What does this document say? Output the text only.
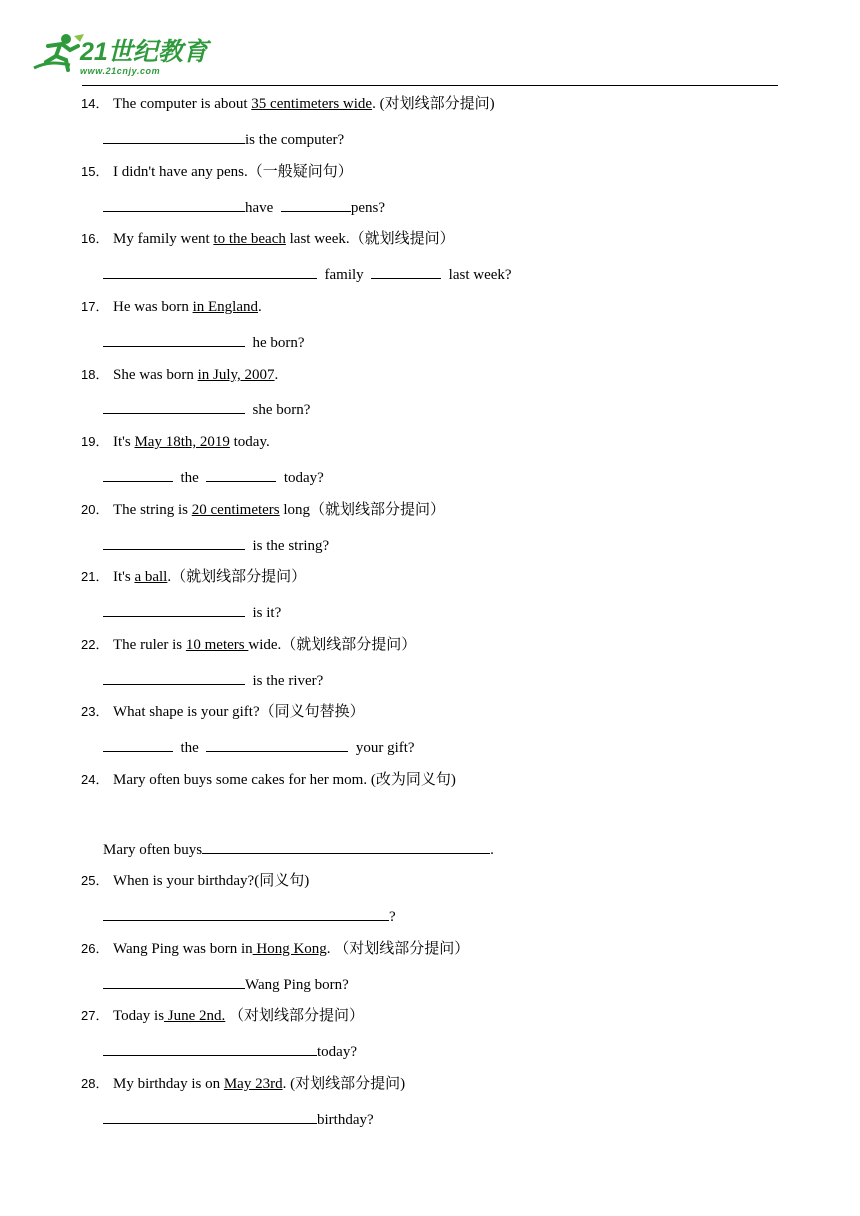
21世纪教育
www.21cnjy.com
14． The computer is about 35 centimeters wide. (对划线部分提问)
is the computer?
15． I didn't have any pens.（一般疑问句）
have	pens?
16． My family went to the beach last week.（就划线提问）
family	last week?
17． He was born in England.
he born?
18． She was born in July, 2007.
she born?
19． It's May 18th, 2019 today.
the	today?
20． The string is 20 centimeters long（就划线部分提问）
is the string?
21． It's a ball.（就划线部分提问）
is it?
22． The ruler is 10 meters wide.（就划线部分提问）
is the river?
23． What shape is your gift?（同义句替换）
the	your gift?
24． Mary often buys some cakes for her mom. (改为同义句)
Mary often buys	.
25． When is your birthday?(同义句)
?
26． Wang Ping was born in Hong Kong. （对划线部分提问）
Wang Ping born?
27． Today is June 2nd. （对划线部分提问）
today?
28． My birthday is on May 23rd. (对划线部分提问)
birthday?
